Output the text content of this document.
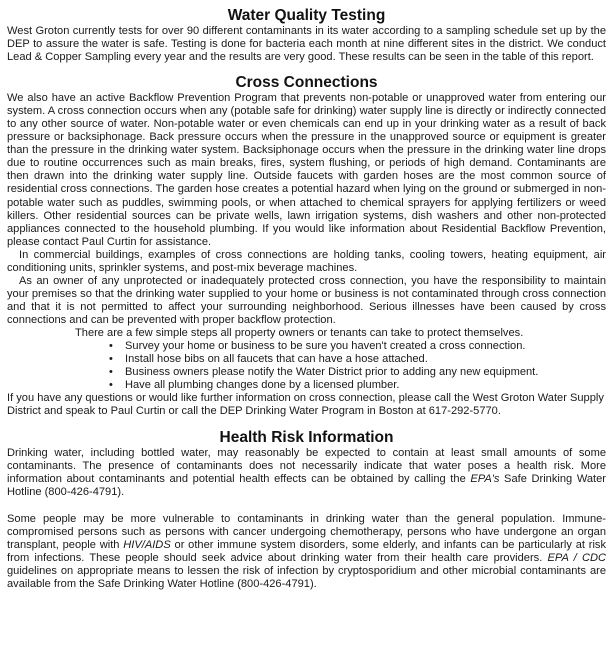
Water Quality Testing

West Groton currently tests for over 90 different contaminants in its water according to a sampling schedule set up by the DEP to assure the water is safe. Testing is done for bacteria each month at nine different sites in the district. We conduct Lead & Copper Sampling every year and the results are very good. These results can be seen in the table of this report.

Cross Connections

We also have an active Backflow Prevention Program that prevents non-potable or unapproved water from entering our system. A cross connection occurs when any (potable safe for drinking) water supply line is directly or indirectly connected to any other source of water. Non-potable water or even chemicals can end up in your drinking water as a result of back pressure or backsiphonage. Back pressure occurs when the pressure in the unapproved source or equipment is greater than the pressure in the drinking water system. Backsiphonage occurs when the pressure in the drinking water line drops due to routine occurrences such as main breaks, fires, system flushing, or periods of high demand. Contaminants are then drawn into the drinking water supply line. Outside faucets with garden hoses are the most common source of residential cross connections. The garden hose creates a potential hazard when lying on the ground or submerged in non-potable water such as puddles, swimming pools, or when attached to chemical sprayers for applying fertilizers or weed killers. Other residential sources can be private wells, lawn irrigation systems, dish washers and other non-protected appliances connected to the household plumbing. If you would like information about Residential Backflow Prevention, please contact Paul Curtin for assistance.

In commercial buildings, examples of cross connections are holding tanks, cooling towers, heating equipment, air conditioning units, sprinkler systems, and post-mix beverage machines.

As an owner of any unprotected or inadequately protected cross connection, you have the responsibility to maintain your premises so that the drinking water supplied to your home or business is not contaminated through cross connection and that it is not permitted to affect your surrounding neighborhood. Serious illnesses have been caused by cross connections and can be prevented with proper backflow protection.

There are a few simple steps all property owners or tenants can take to protect themselves.

• Survey your home or business to be sure you haven't created a cross connection.
• Install hose bibs on all faucets that can have a hose attached.
• Business owners please notify the Water District prior to adding any new equipment.
• Have all plumbing changes done by a licensed plumber.

If you have any questions or would like further information on cross connection, please call the West Groton Water Supply District and speak to Paul Curtin or call the DEP Drinking Water Program in Boston at 617-292-5770.

Health Risk Information

Drinking water, including bottled water, may reasonably be expected to contain at least small amounts of some contaminants. The presence of contaminants does not necessarily indicate that water poses a health risk. More information about contaminants and potential health effects can be obtained by calling the EPA's Safe Drinking Water Hotline (800-426-4791).

Some people may be more vulnerable to contaminants in drinking water than the general population. Immune-compromised persons such as persons with cancer undergoing chemotherapy, persons who have undergone an organ transplant, people with HIV/AIDS or other immune system disorders, some elderly, and infants can be particularly at risk from infections. These people should seek advice about drinking water from their health care providers. EPA / CDC guidelines on appropriate means to lessen the risk of infection by cryptosporidium and other microbial contaminants are available from the Safe Drinking Water Hotline (800-426-4791).
